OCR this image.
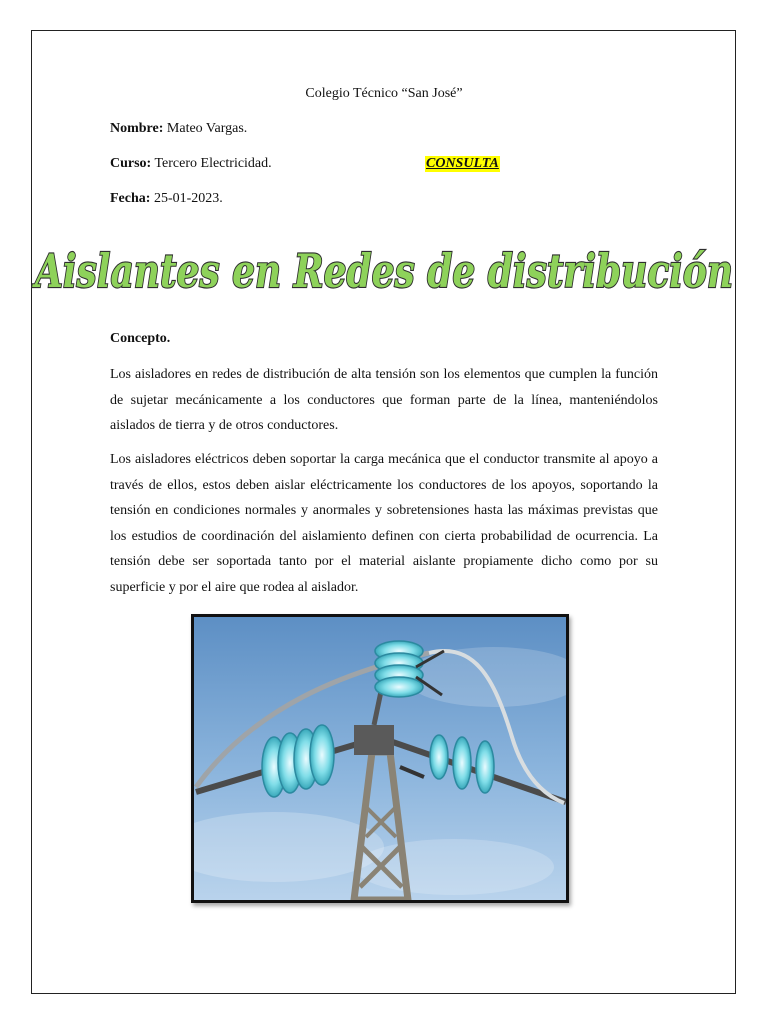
Colegio Técnico “San José”
Nombre: Mateo Vargas.
Curso: Tercero Electricidad.	CONSULTA
Fecha: 25-01-2023.
Aislantes en Redes de distribución
Concepto.
Los aisladores en redes de distribución de alta tensión son los elementos que cumplen la función de sujetar mecánicamente a los conductores que forman parte de la línea, manteniéndolos aislados de tierra y de otros conductores.
Los aisladores eléctricos deben soportar la carga mecánica que el conductor transmite al apoyo a través de ellos, estos deben aislar eléctricamente los conductores de los apoyos, soportando la tensión en condiciones normales y anormales y sobretensiones hasta las máximas previstas que los estudios de coordinación del aislamiento definen con cierta probabilidad de ocurrencia. La tensión debe ser soportada tanto por el material aislante propiamente dicho como por su superficie y por el aire que rodea al aislador.
